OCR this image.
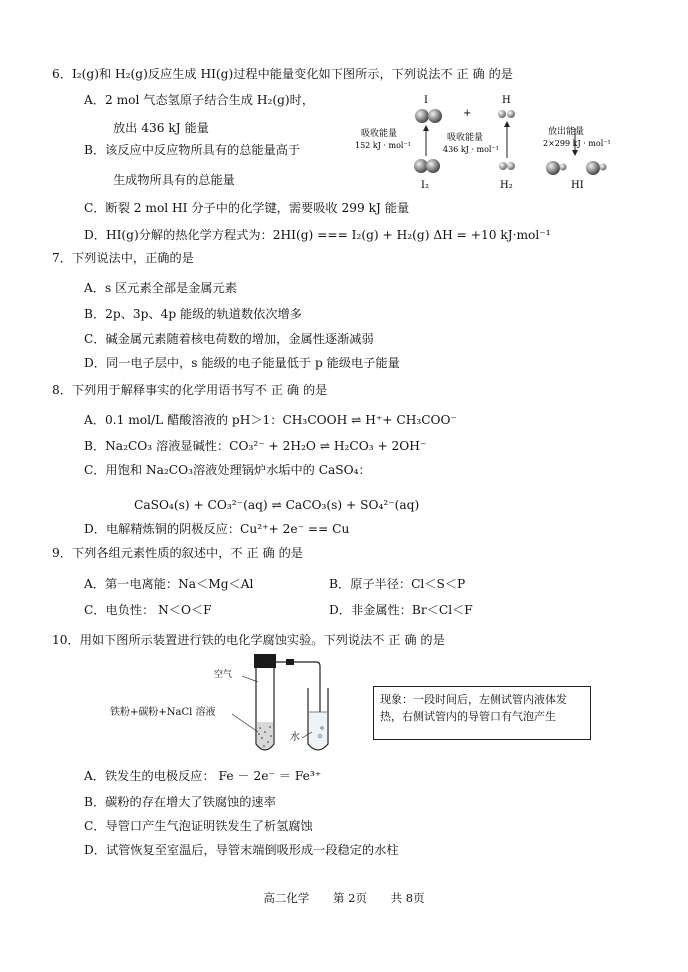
6．I₂(g)和 H₂(g)反应生成 HI(g)过程中能量变化如下图所示，下列说法不 正 确 的是
A．2 mol 气态氢原子结合生成 H₂(g)时，
放出 436 kJ 能量
B．该反应中反应物所具有的总能量高于
生成物所具有的总能量
C．断裂 2 mol HI 分子中的化学键，需要吸收 299 kJ 能量
D．HI(g)分解的热化学方程式为：2HI(g) === I₂(g) + H₂(g) ΔH = +10 kJ·mol⁻¹
I
I₂
吸收能量
152 kJ · mol⁻¹
+
H
H₂
吸收能量
436 kJ · mol⁻¹
放出能量
2×299 kJ · mol⁻¹
HI
7．下列说法中，正确的是
A．s 区元素全部是金属元素
B．2p、3p、4p 能级的轨道数依次增多
C．碱金属元素随着核电荷数的增加，金属性逐渐减弱
D．同一电子层中，s 能级的电子能量低于 p 能级电子能量
8．下列用于解释事实的化学用语书写不 正 确 的是
A．0.1 mol/L 醋酸溶液的 pH＞1：CH₃COOH ⇌ H⁺+ CH₃COO⁻
B．Na₂CO₃ 溶液显碱性：CO₃²⁻ + 2H₂O ⇌ H₂CO₃ + 2OH⁻
C．用饱和 Na₂CO₃溶液处理锅炉水垢中的 CaSO₄：
CaSO₄(s) + CO₃²⁻(aq) ⇌ CaCO₃(s) + SO₄²⁻(aq)
D．电解精炼铜的阴极反应：Cu²⁺+ 2e⁻ == Cu
9．下列各组元素性质的叙述中，不 正 确 的是
A．第一电离能：Na＜Mg＜Al	B．原子半径：Cl＜S＜P
C．电负性： N＜O＜F	D．非金属性：Br＜Cl＜F
10．用如下图所示装置进行铁的电化学腐蚀实验。下列说法不 正 确 的是
空气
铁粉+碳粉+NaCl 溶液
水
现象：一段时间后，左侧试管内液体发热，右侧试管内的导管口有气泡产生
A．铁发生的电极反应： Fe － 2e⁻ ＝ Fe³⁺
B．碳粉的存在增大了铁腐蚀的速率
C．导管口产生气泡证明铁发生了析氢腐蚀
D．试管恢复至室温后，导管末端倒吸形成一段稳定的水柱
高二化学 第 2页 共 8页
